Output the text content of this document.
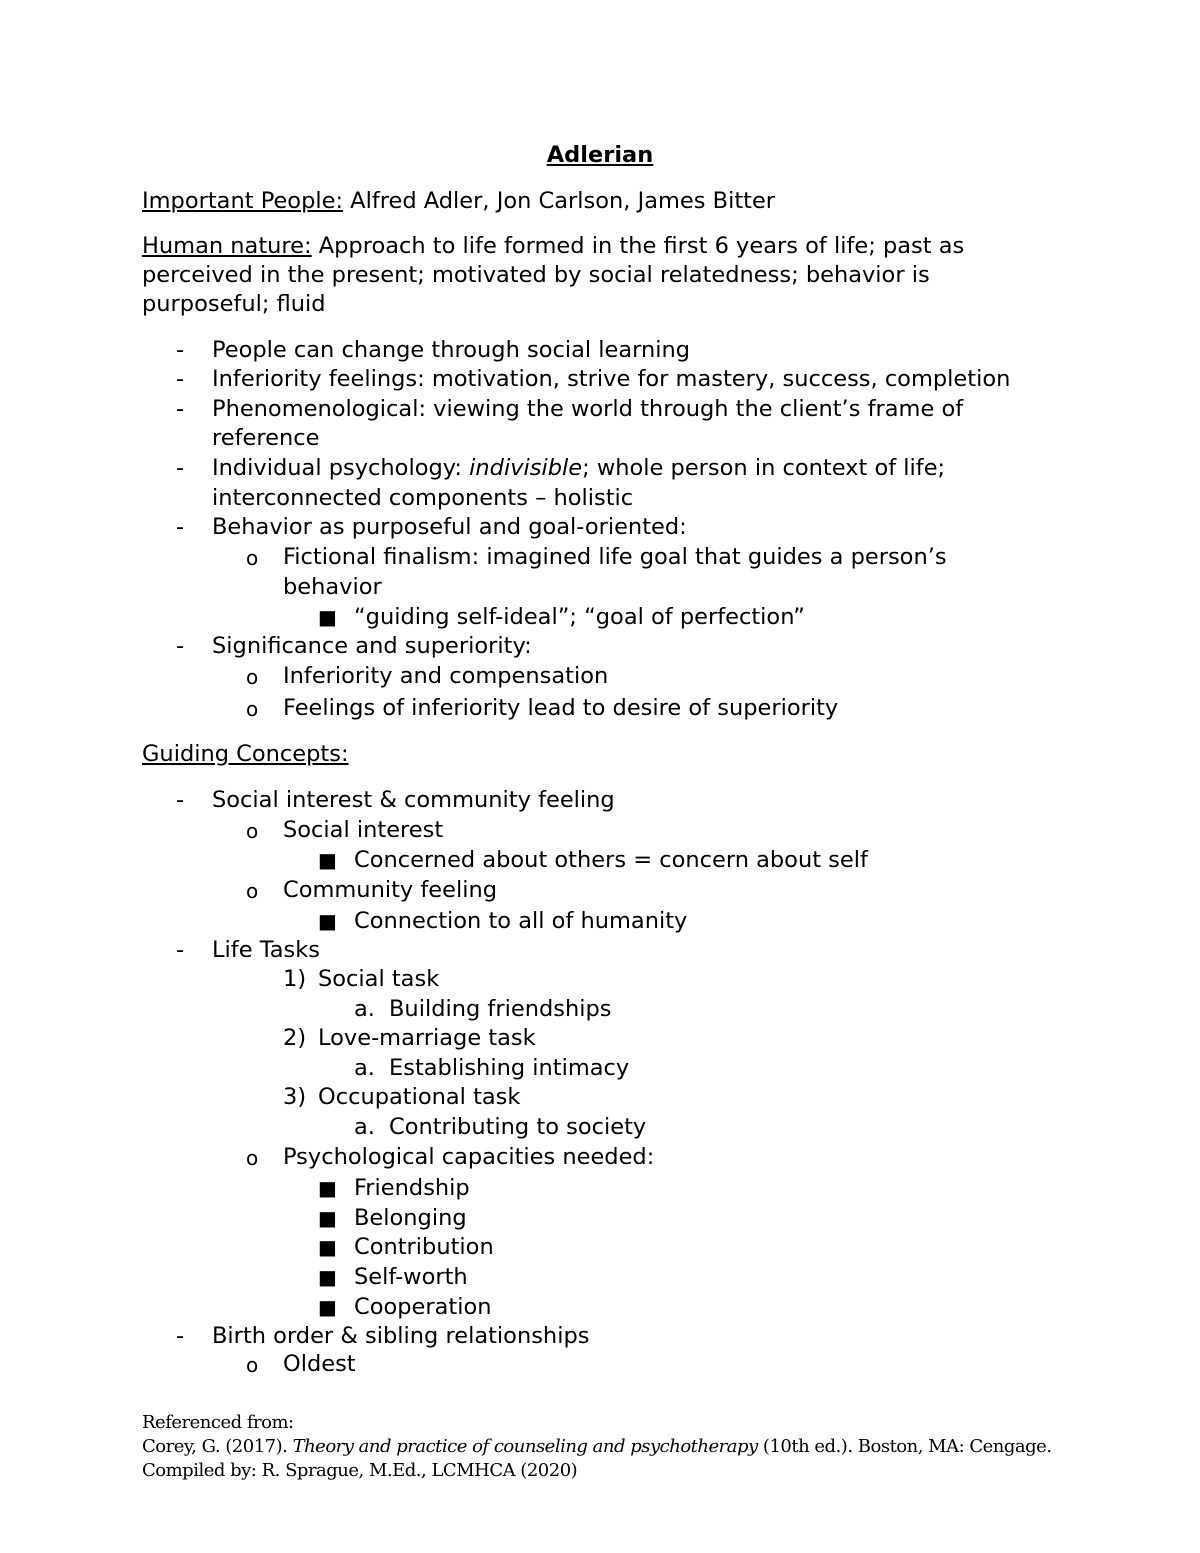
Adlerian
Important People: Alfred Adler, Jon Carlson, James Bitter
Human nature: Approach to life formed in the first 6 years of life; past as
perceived in the present; motivated by social relatedness; behavior is
purposeful; fluid
- People can change through social learning
- Inferiority feelings: motivation, strive for mastery, success, completion
- Phenomenological: viewing the world through the client’s frame of
reference
- Individual psychology: indivisible; whole person in context of life;
interconnected components – holistic
- Behavior as purposeful and goal-oriented:
o Fictional finalism: imagined life goal that guides a person’s
behavior
■ “guiding self-ideal”; “goal of perfection”
- Significance and superiority:
o Inferiority and compensation
o Feelings of inferiority lead to desire of superiority
Guiding Concepts:
- Social interest & community feeling
o Social interest
■ Concerned about others = concern about self
o Community feeling
■ Connection to all of humanity
- Life Tasks
1) Social task
a. Building friendships
2) Love-marriage task
a. Establishing intimacy
3) Occupational task
a. Contributing to society
o Psychological capacities needed:
■ Friendship
■ Belonging
■ Contribution
■ Self-worth
■ Cooperation
- Birth order & sibling relationships
o Oldest
Referenced from:
Corey, G. (2017). Theory and practice of counseling and psychotherapy (10th ed.). Boston, MA: Cengage.
Compiled by: R. Sprague, M.Ed., LCMHCA (2020)
